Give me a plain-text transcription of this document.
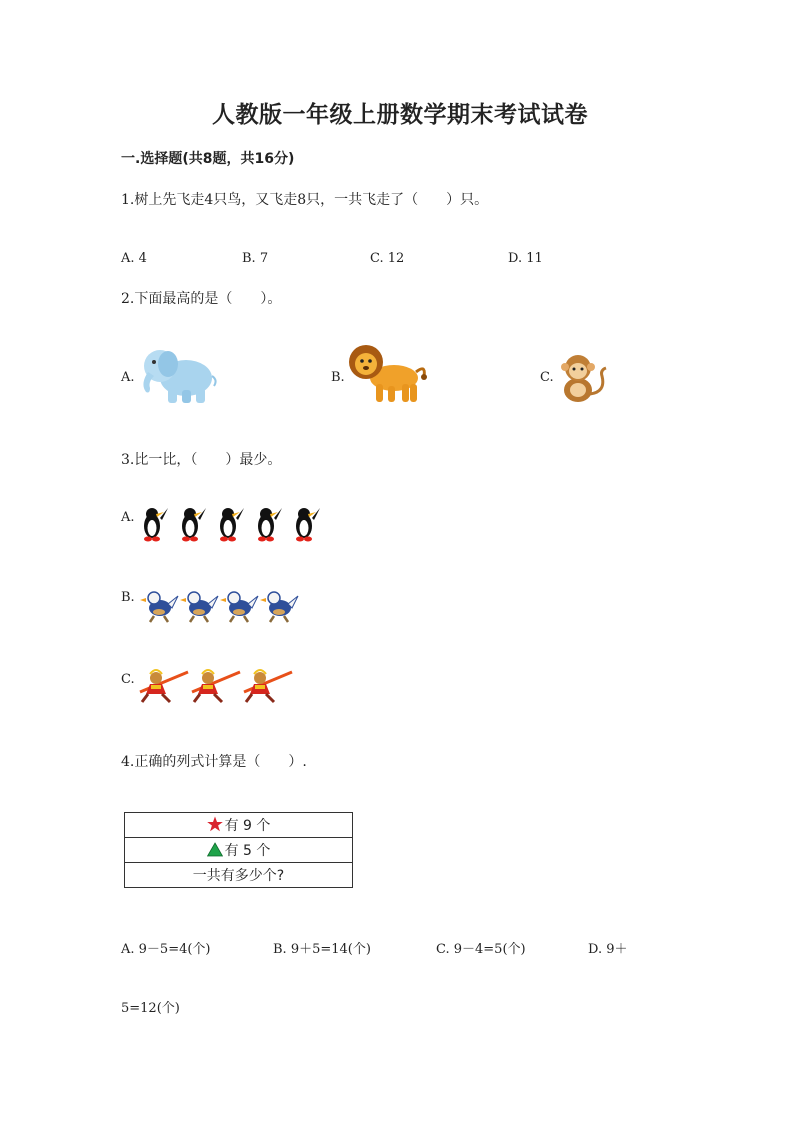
人教版一年级上册数学期末考试试卷
一.选择题(共8题，共16分)
1.树上先飞走4只鸟，又飞走8只，一共飞走了（　　）只。
A. 4	B. 7	C. 12	D. 11
2.下面最高的是（　　）。
A.	B.	C.
3.比一比，（　　）最少。
A.
B.
C.
4.正确的列式计算是（　　）.
有 9 个
有 5 个
一共有多少个?
A. 9－5=4(个)	B. 9＋5=14(个)	C. 9－4=5(个)	D. 9＋
5=12(个)
